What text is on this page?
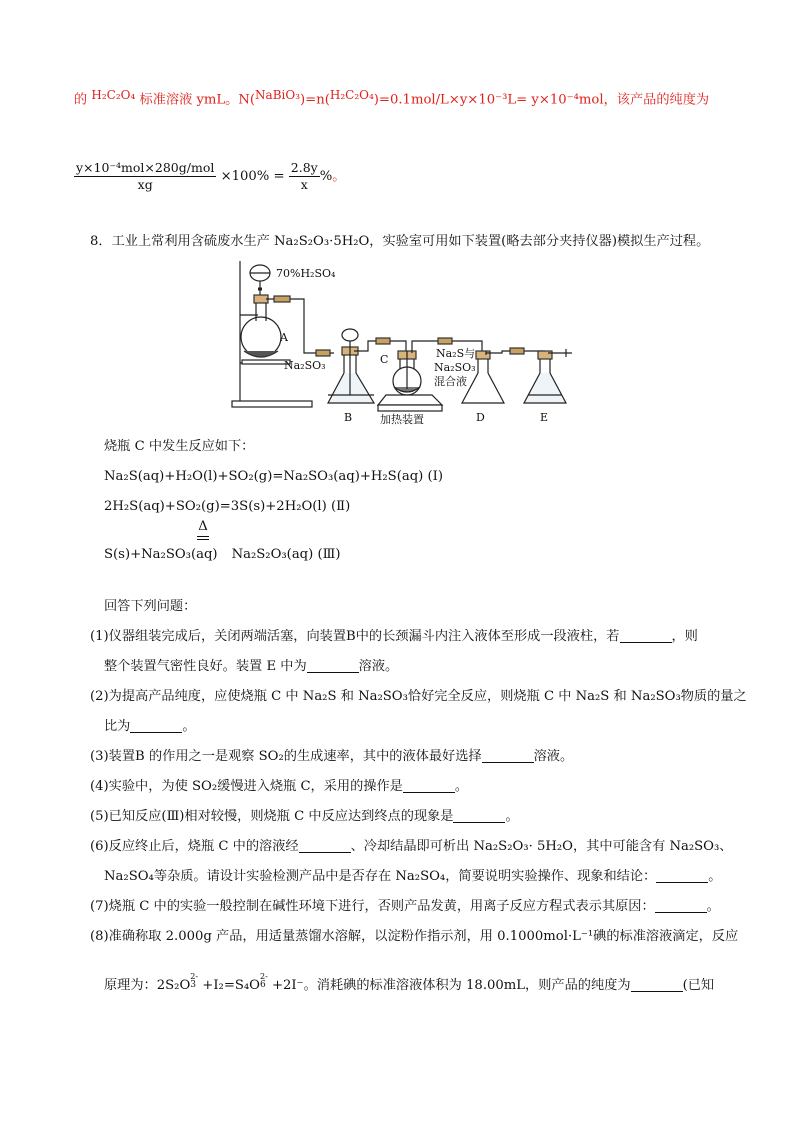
的 H₂C₂O₄ 标准溶液 ymL。N( NaBiO₃ )=n( H₂C₂O₄ )=0.1mol/L×y×10⁻³L= y×10⁻⁴mol，该产品的纯度为
$\frac{\text{y×10⁻⁴mol×280g/mol}}{xg} \times 100\% = \frac{2.8y}{x}$ %。
8．工业上常利用含硫废水生产 Na₂S₂O₃·5H₂O，实验室可用如下装置(略去部分夹持仪器)模拟生产过程。
70%H₂SO₄
A
Na₂SO₃
B
C	Na₂S与
Na₂SO₃
混合液
加热装置	D	E
烧瓶 C 中发生反应如下：
Na₂S(aq)+H₂O(l)+SO₂(g)=Na₂SO₃(aq)+H₂S(aq) (Ⅰ)
2H₂S(aq)+SO₂(g)=3S(s)+2H₂O(l) (Ⅱ)
Δ

S(s)+Na₂SO₃(aq) Na₂S₂O₃(aq) (Ⅲ)
回答下列问题：
(1)仪器组装完成后，关闭两端活塞，向装置B中的长颈漏斗内注入液体至形成一段液柱，若	，则
整个装置气密性良好。装置 E 中为	溶液。
(2)为提高产品纯度，应使烧瓶 C 中 Na₂S 和 Na₂SO₃恰好完全反应，则烧瓶 C 中 Na₂S 和 Na₂SO₃物质的量之
比为	。
(3)装置B 的作用之一是观察 SO₂的生成速率，其中的液体最好选择	溶液。
(4)实验中，为使 SO₂缓慢进入烧瓶 C，采用的操作是	。
(5)已知反应(Ⅲ)相对较慢，则烧瓶 C 中反应达到终点的现象是	。
(6)反应终止后，烧瓶 C 中的溶液经	、冷却结晶即可析出 Na₂S₂O₃· 5H₂O，其中可能含有 Na₂SO₃、
Na₂SO₄等杂质。请设计实验检测产品中是否存在 Na₂SO₄，简要说明实验操作、现象和结论：	。
(7)烧瓶 C 中的实验一般控制在碱性环境下进行，否则产品发黄，用离子反应方程式表示其原因：	。
(8)准确称取 2.000g 产品，用适量蒸馏水溶解，以淀粉作指示剂，用 0.1000mol·L⁻¹碘的标准溶液滴定，反应
原理为：2S₂O
2-
3 +I₂=S₄O
2-
6 +2I⁻。消耗碘的标准溶液体积为 18.00mL，则产品的纯度为	(已知
